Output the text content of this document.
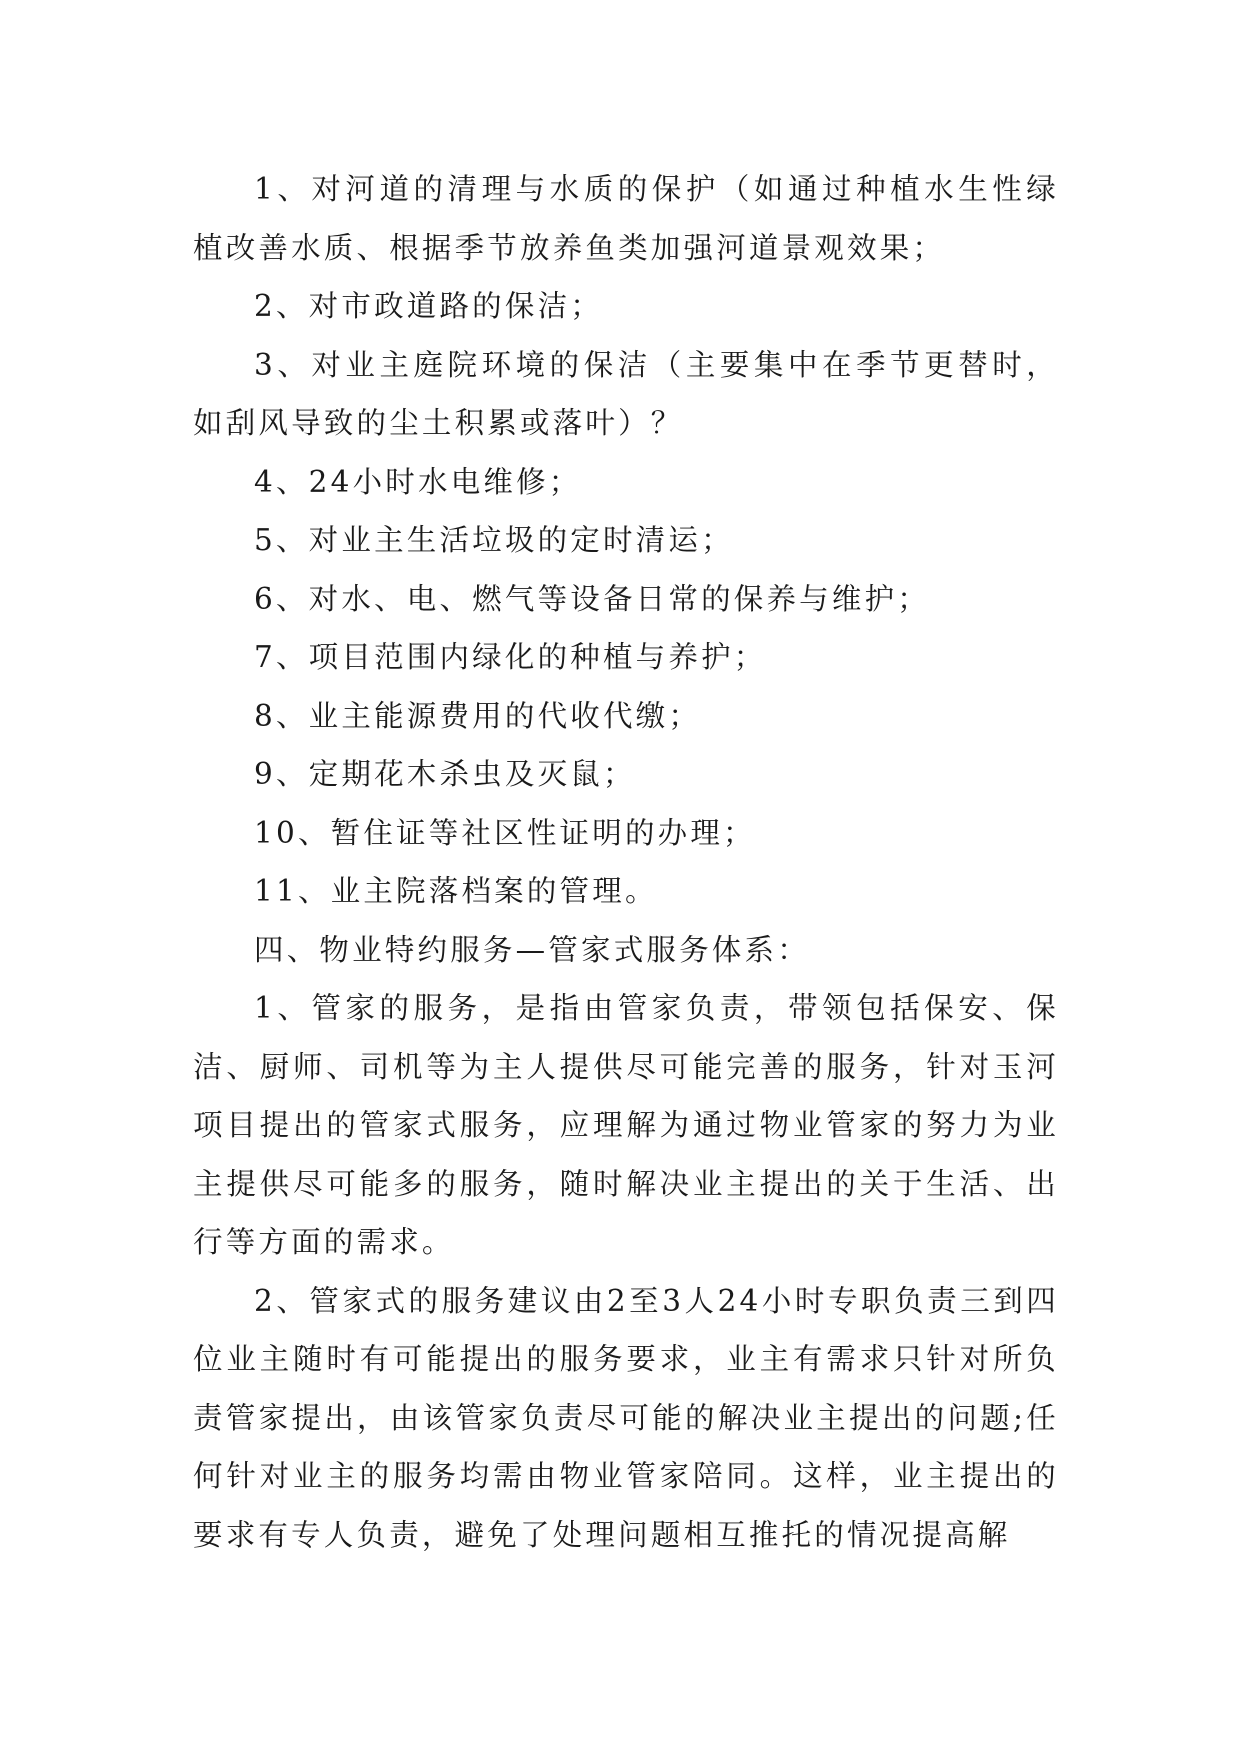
1、对河道的清理与水质的保护（如通过种植水生性绿植改善水质、根据季节放养鱼类加强河道景观效果；

2、对市政道路的保洁；

3、对业主庭院环境的保洁（主要集中在季节更替时，如刮风导致的尘土积累或落叶）？

4、24小时水电维修；

5、对业主生活垃圾的定时清运；

6、对水、电、燃气等设备日常的保养与维护；

7、项目范围内绿化的种植与养护；

8、业主能源费用的代收代缴；

9、定期花木杀虫及灭鼠；

10、暂住证等社区性证明的办理；

11、业主院落档案的管理。

四、物业特约服务—管家式服务体系：

1、管家的服务，是指由管家负责，带领包括保安、保洁、厨师、司机等为主人提供尽可能完善的服务，针对玉河项目提出的管家式服务，应理解为通过物业管家的努力为业主提供尽可能多的服务，随时解决业主提出的关于生活、出行等方面的需求。

2、管家式的服务建议由2至3人24小时专职负责三到四位业主随时有可能提出的服务要求，业主有需求只针对所负责管家提出，由该管家负责尽可能的解决业主提出的问题;任何针对业主的服务均需由物业管家陪同。这样，业主提出的要求有专人负责，避免了处理问题相互推托的情况提高解
